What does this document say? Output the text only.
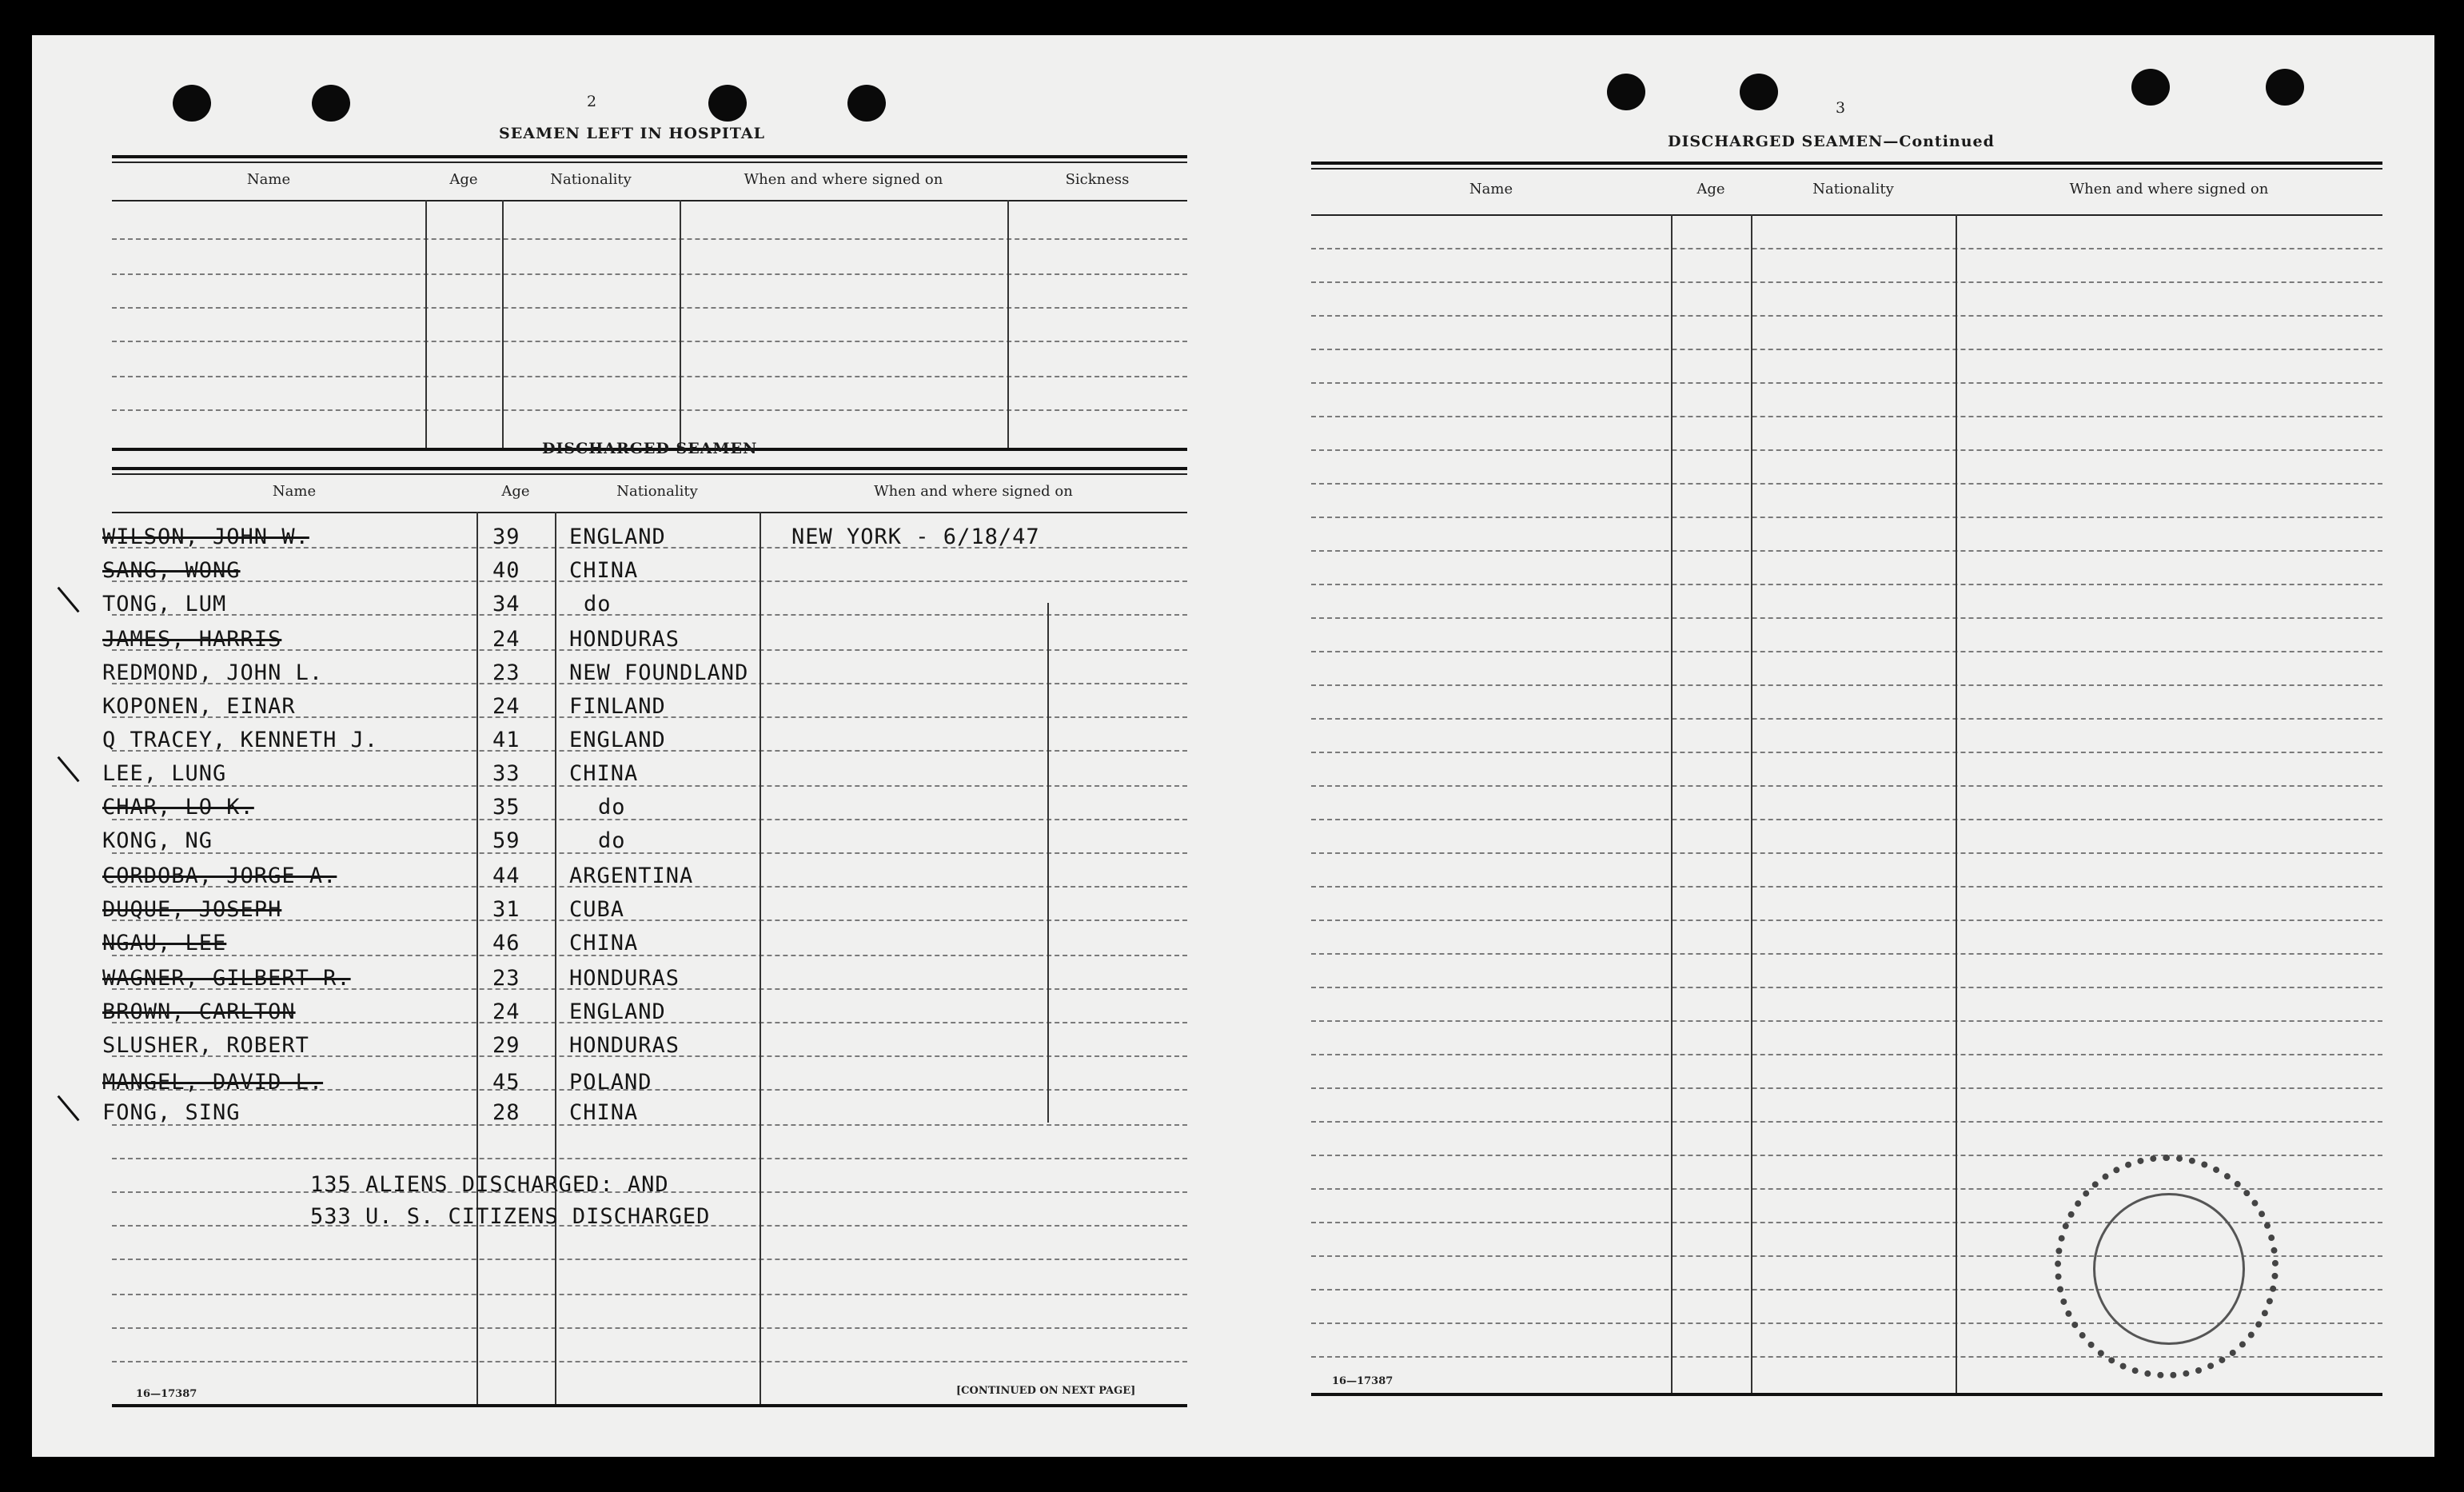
2
SEAMEN LEFT IN HOSPITAL
Name	Age	Nationality	When and where signed on	Sickness
DISCHARGED SEAMEN
Name	Age	Nationality	When and where signed on
WILSON, JOHN W.	39 ENGLAND	NEW YORK - 6/18/47
SANG, WONG	40 CHINA
TONG, LUM	34	do
JAMES, HARRIS	24 HONDURAS
REDMOND, JOHN L.	23 NEW FOUNDLAND
KOPONEN, EINAR	24 FINLAND
Q TRACEY, KENNETH J.	41 ENGLAND
LEE, LUNG	33 CHINA
CHAR, LO K.	35	do
KONG, NG	59	do
CORDOBA, JORGE A.	44 ARGENTINA
DUQUE, JOSEPH	31 CUBA
NGAU, LEE	46 CHINA
WAGNER, GILBERT R.	23 HONDURAS
BROWN, CARLTON	24 ENGLAND
SLUSHER, ROBERT	29 HONDURAS
MANGEL, DAVID L.	45 POLAND
FONG, SING	28 CHINA
135 ALIENS DISCHARGED: AND
533 U. S. CITIZENS DISCHARGED
16—17387	[CONTINUED ON NEXT PAGE]
3
DISCHARGED SEAMEN—Continued
Name	Age	Nationality	When and where signed on
16—17387
